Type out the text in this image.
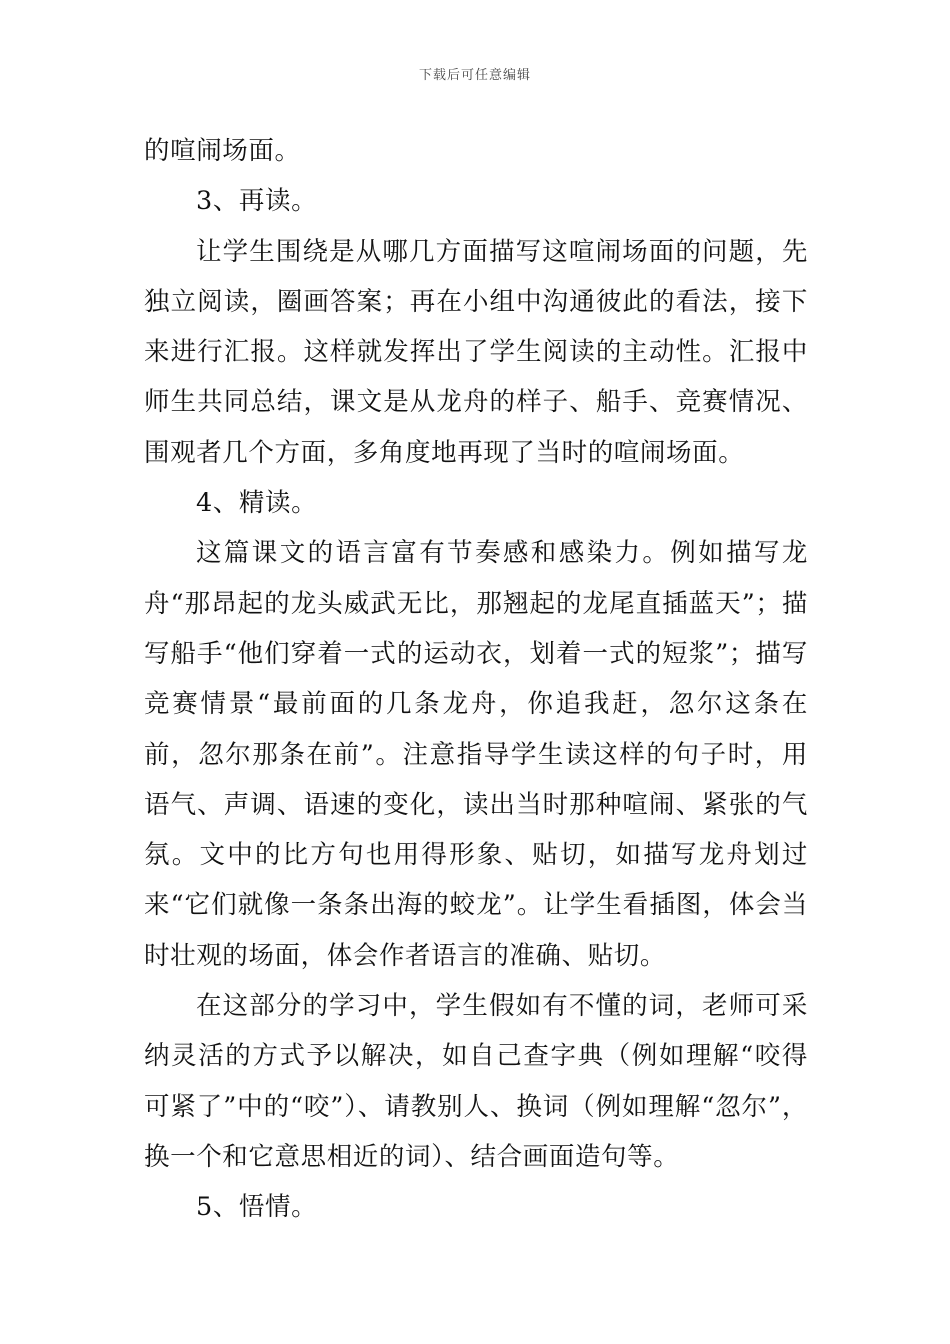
下载后可任意编辑

的喧闹场面。

3、再读。

让学生围绕是从哪几方面描写这喧闹场面的问题，先独立阅读，圈画答案；再在小组中沟通彼此的看法，接下来进行汇报。这样就发挥出了学生阅读的主动性。汇报中师生共同总结，课文是从龙舟的样子、船手、竞赛情况、围观者几个方面，多角度地再现了当时的喧闹场面。

4、精读。

这篇课文的语言富有节奏感和感染力。例如描写龙舟“那昂起的龙头威武无比，那翘起的龙尾直插蓝天”；描写船手“他们穿着一式的运动衣，划着一式的短浆”；描写竞赛情景“最前面的几条龙舟，你追我赶，忽尔这条在前，忽尔那条在前”。注意指导学生读这样的句子时，用语气、声调、语速的变化，读出当时那种喧闹、紧张的气氛。文中的比方句也用得形象、贴切，如描写龙舟划过来“它们就像一条条出海的蛟龙”。让学生看插图，体会当时壮观的场面，体会作者语言的准确、贴切。

在这部分的学习中，学生假如有不懂的词，老师可采纳灵活的方式予以解决，如自己查字典（例如理解“咬得可紧了”中的“咬”）、请教别人、换词（例如理解“忽尔”，换一个和它意思相近的词）、结合画面造句等。

5、悟情。
